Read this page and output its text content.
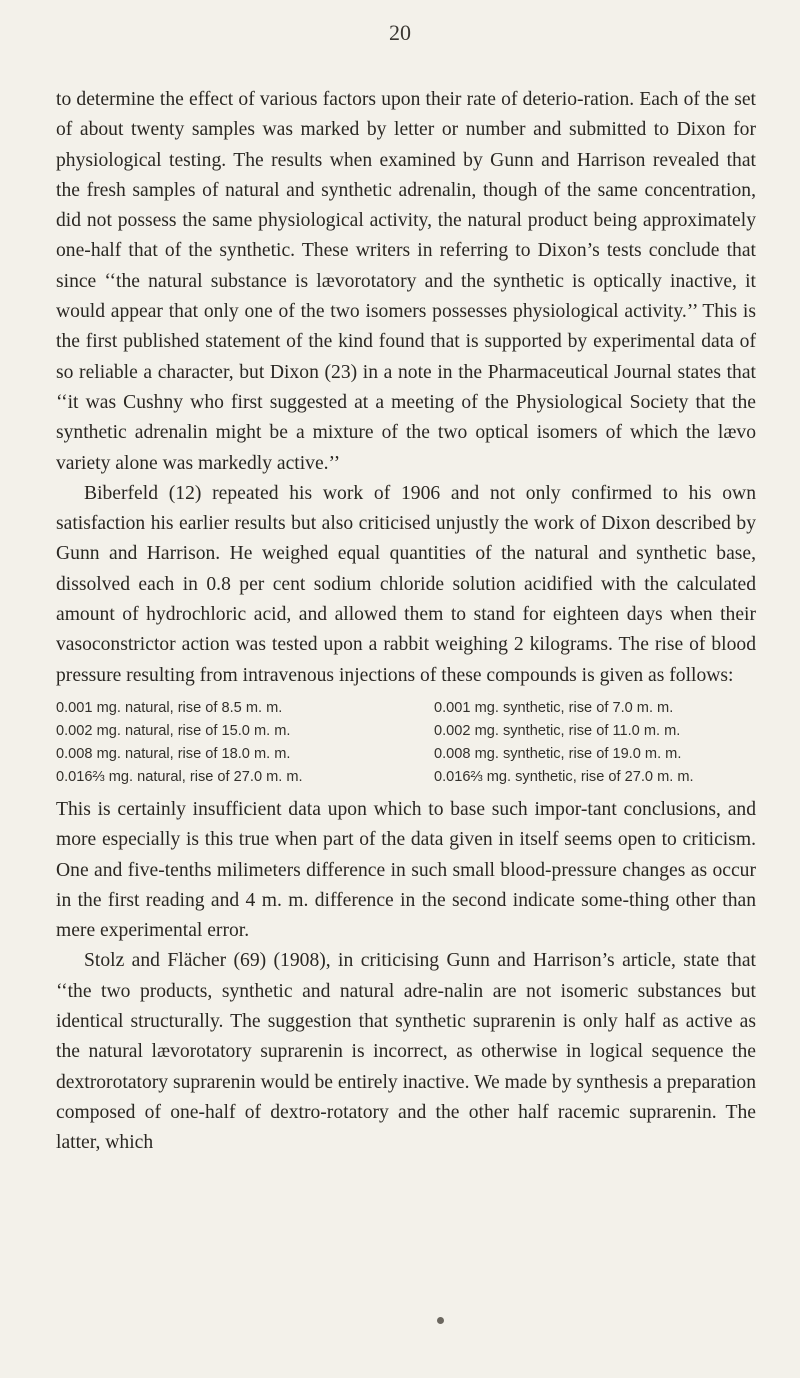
20

to determine the effect of various factors upon their rate of deterio-ration. Each of the set of about twenty samples was marked by letter or number and submitted to Dixon for physiological testing. The results when examined by Gunn and Harrison revealed that the fresh samples of natural and synthetic adrenalin, though of the same concentration, did not possess the same physiological activity, the natural product being approximately one-half that of the synthetic. These writers in referring to Dixon’s tests conclude that since ‘‘the natural substance is lævorotatory and the synthetic is optically inactive, it would appear that only one of the two isomers possesses physiological activity.’’ This is the first published statement of the kind found that is supported by experimental data of so reliable a character, but Dixon (23) in a note in the Pharmaceutical Journal states that ‘‘it was Cushny who first suggested at a meeting of the Physiological Society that the synthetic adrenalin might be a mixture of the two optical isomers of which the lævo variety alone was markedly active.’’

Biberfeld (12) repeated his work of 1906 and not only confirmed to his own satisfaction his earlier results but also criticised unjustly the work of Dixon described by Gunn and Harrison. He weighed equal quantities of the natural and synthetic base, dissolved each in 0.8 per cent sodium chloride solution acidified with the calculated amount of hydrochloric acid, and allowed them to stand for eighteen days when their vasoconstrictor action was tested upon a rabbit weighing 2 kilograms. The rise of blood pressure resulting from intravenous injections of these compounds is given as follows:

0.001 mg. natural, rise of 8.5 m. m.	0.001 mg. synthetic, rise of 7.0 m. m.
0.002 mg. natural, rise of 15.0 m. m.	0.002 mg. synthetic, rise of 11.0 m. m.
0.008 mg. natural, rise of 18.0 m. m.	0.008 mg. synthetic, rise of 19.0 m. m.
0.016⅔ mg. natural, rise of 27.0 m. m.	0.016⅔ mg. synthetic, rise of 27.0 m. m.

This is certainly insufficient data upon which to base such impor-tant conclusions, and more especially is this true when part of the data given in itself seems open to criticism. One and five-tenths milimeters difference in such small blood-pressure changes as occur in the first reading and 4 m. m. difference in the second indicate some-thing other than mere experimental error.

Stolz and Flächer (69) (1908), in criticising Gunn and Harrison’s article, state that ‘‘the two products, synthetic and natural adre-nalin are not isomeric substances but identical structurally. The suggestion that synthetic suprarenin is only half as active as the natural lævorotatory suprarenin is incorrect, as otherwise in logical sequence the dextrorotatory suprarenin would be entirely inactive. We made by synthesis a preparation composed of one-half of dextro-rotatory and the other half racemic suprarenin. The latter, which
